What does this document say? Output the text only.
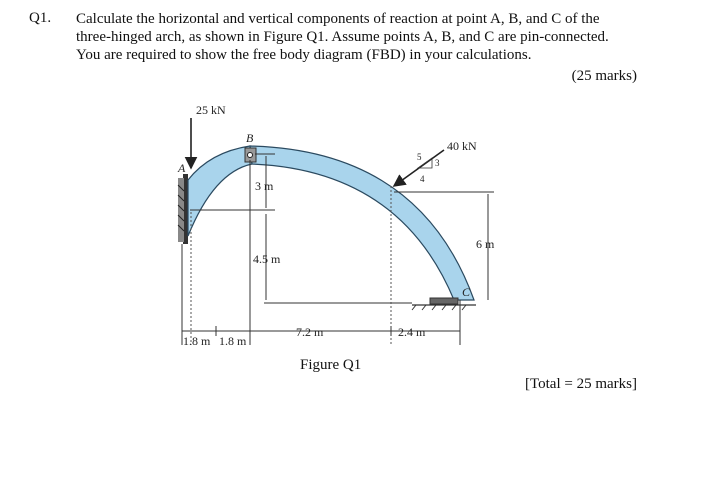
Q1. Calculate the horizontal and vertical components of reaction at point A, B, and C of the
three-hinged arch, as shown in Figure Q1. Assume points A, B, and C are pin-connected.
You are required to show the free body diagram (FBD) in your calculations.
(25 marks)
25 kN
40 kN
A
B
C
5
3
4
3 m
4.5 m
6 m
1.8 m 1.8 m
7.2 m	2.4 m
Figure Q1
[Total = 25 marks]
